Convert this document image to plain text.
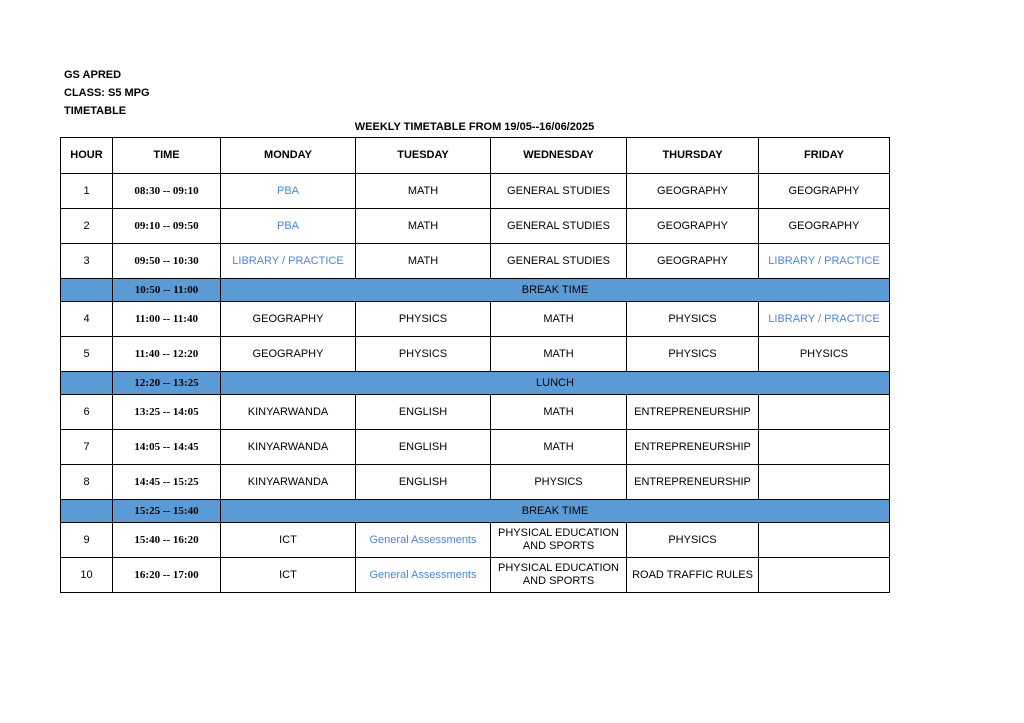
GS APRED
CLASS: S5 MPG
TIMETABLE
WEEKLY TIMETABLE FROM 19/05--16/06/2025
HOUR	TIME	MONDAY	TUESDAY	WEDNESDAY	THURSDAY	FRIDAY
1	08:30 -- 09:10	PBA	MATH	GENERAL STUDIES	GEOGRAPHY	GEOGRAPHY
2	09:10 -- 09:50	PBA	MATH	GENERAL STUDIES	GEOGRAPHY	GEOGRAPHY
3	09:50 -- 10:30	LIBRARY / PRACTICE	MATH	GENERAL STUDIES	GEOGRAPHY	LIBRARY / PRACTICE
	10:50 -- 11:00	BREAK TIME				
4	11:00 -- 11:40	GEOGRAPHY	PHYSICS	MATH	PHYSICS	LIBRARY / PRACTICE
5	11:40 -- 12:20	GEOGRAPHY	PHYSICS	MATH	PHYSICS	PHYSICS
	12:20 -- 13:25	LUNCH				
6	13:25 -- 14:05	KINYARWANDA	ENGLISH	MATH	ENTREPRENEURSHIP	
7	14:05 -- 14:45	KINYARWANDA	ENGLISH	MATH	ENTREPRENEURSHIP	
8	14:45 -- 15:25	KINYARWANDA	ENGLISH	PHYSICS	ENTREPRENEURSHIP	
	15:25 -- 15:40	BREAK TIME				
9	15:40 -- 16:20	ICT	General Assessments	PHYSICAL EDUCATION AND SPORTS	PHYSICS	
10	16:20 -- 17:00	ICT	General Assessments	PHYSICAL EDUCATION AND SPORTS	ROAD TRAFFIC RULES	
